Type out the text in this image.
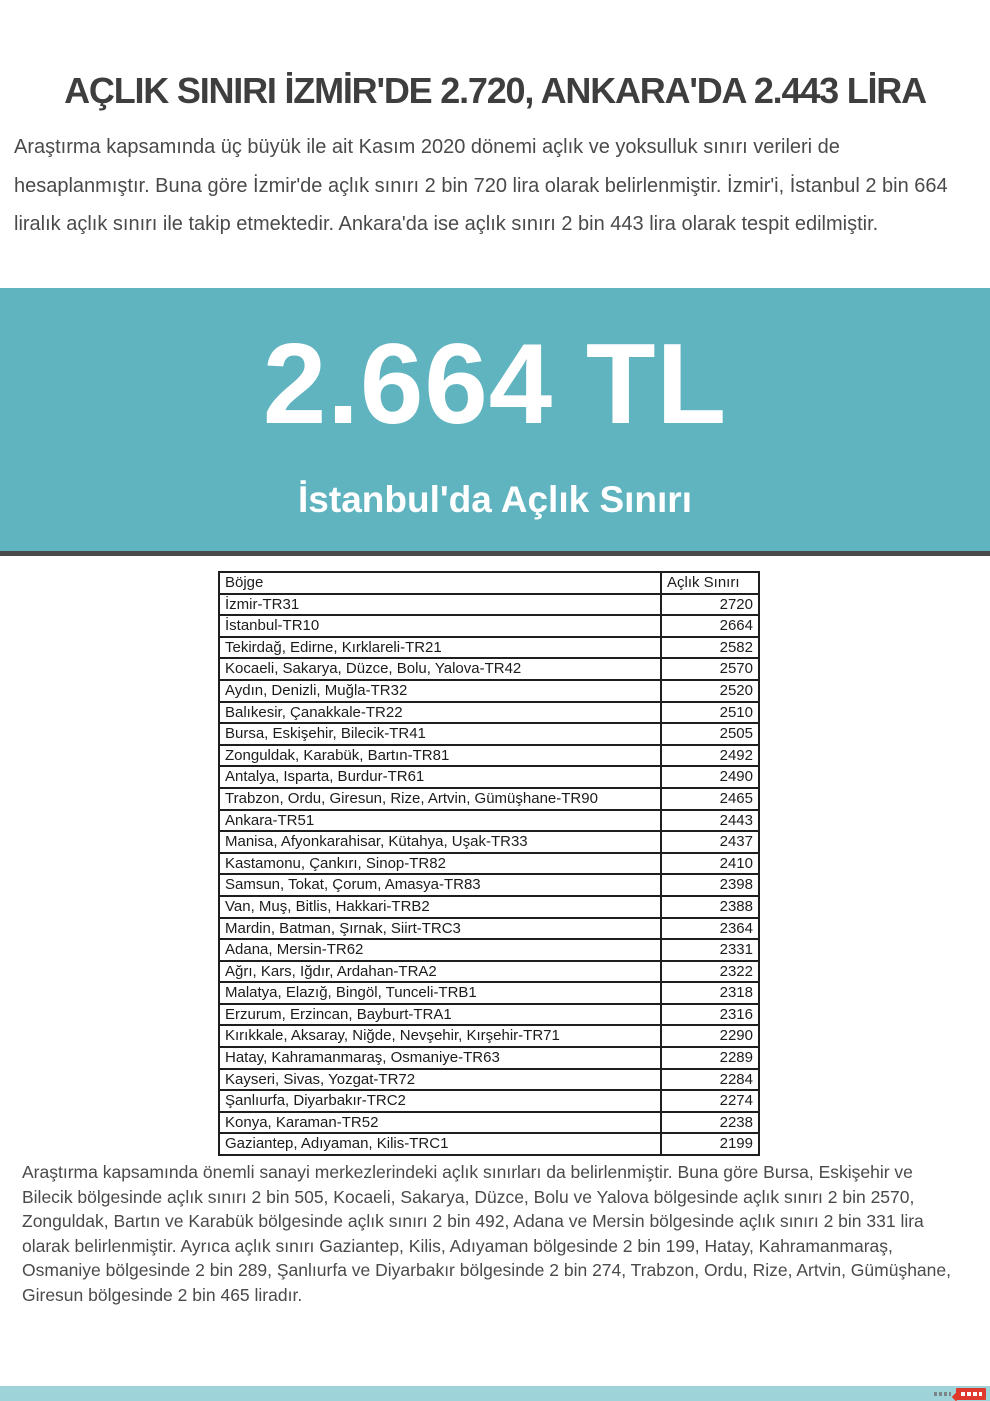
AÇLIK SINIRI İZMİR'DE 2.720, ANKARA'DA 2.443 LİRA

Araştırma kapsamında üç büyük ile ait Kasım 2020 dönemi açlık ve yoksulluk sınırı verileri de hesaplanmıştır. Buna göre İzmir'de açlık sınırı 2 bin 720 lira olarak belirlenmiştir. İzmir'i, İstanbul 2 bin 664 liralık açlık sınırı ile takip etmektedir. Ankara'da ise açlık sınırı 2 bin 443 lira olarak tespit edilmiştir.

2.664 TL
İstanbul'da Açlık Sınırı
Böjge	Açlık Sınırı
İzmir-TR31	2720
İstanbul-TR10	2664
Tekirdağ, Edirne, Kırklareli-TR21	2582
Kocaeli, Sakarya, Düzce, Bolu, Yalova-TR42	2570
Aydın, Denizli, Muğla-TR32	2520
Balıkesir, Çanakkale-TR22	2510
Bursa, Eskişehir, Bilecik-TR41	2505
Zonguldak, Karabük, Bartın-TR81	2492
Antalya, Isparta, Burdur-TR61	2490
Trabzon, Ordu, Giresun, Rize, Artvin, Gümüşhane-TR90	2465
Ankara-TR51	2443
Manisa, Afyonkarahisar, Kütahya, Uşak-TR33	2437
Kastamonu, Çankırı, Sinop-TR82	2410
Samsun, Tokat, Çorum, Amasya-TR83	2398
Van, Muş, Bitlis, Hakkari-TRB2	2388
Mardin, Batman, Şırnak, Siirt-TRC3	2364
Adana, Mersin-TR62	2331
Ağrı, Kars, Iğdır, Ardahan-TRA2	2322
Malatya, Elazığ, Bingöl, Tunceli-TRB1	2318
Erzurum, Erzincan, Bayburt-TRA1	2316
Kırıkkale, Aksaray, Niğde, Nevşehir, Kırşehir-TR71	2290
Hatay, Kahramanmaraş, Osmaniye-TR63	2289
Kayseri, Sivas, Yozgat-TR72	2284
Şanlıurfa, Diyarbakır-TRC2	2274
Konya, Karaman-TR52	2238
Gaziantep, Adıyaman, Kilis-TRC1	2199

Araştırma kapsamında önemli sanayi merkezlerindeki açlık sınırları da belirlenmiştir. Buna göre Bursa, Eskişehir ve Bilecik bölgesinde açlık sınırı 2 bin 505, Kocaeli, Sakarya, Düzce, Bolu ve Yalova bölgesinde açlık sınırı 2 bin 2570, Zonguldak, Bartın ve Karabük bölgesinde açlık sınırı 2 bin 492, Adana ve Mersin bölgesinde açlık sınırı 2 bin 331 lira olarak belirlenmiştir. Ayrıca açlık sınırı Gaziantep, Kilis, Adıyaman bölgesinde 2 bin 199, Hatay, Kahramanmaraş, Osmaniye bölgesinde 2 bin 289, Şanlıurfa ve Diyarbakır bölgesinde 2 bin 274, Trabzon, Ordu, Rize, Artvin, Gümüşhane, Giresun bölgesinde 2 bin 465 liradır.
